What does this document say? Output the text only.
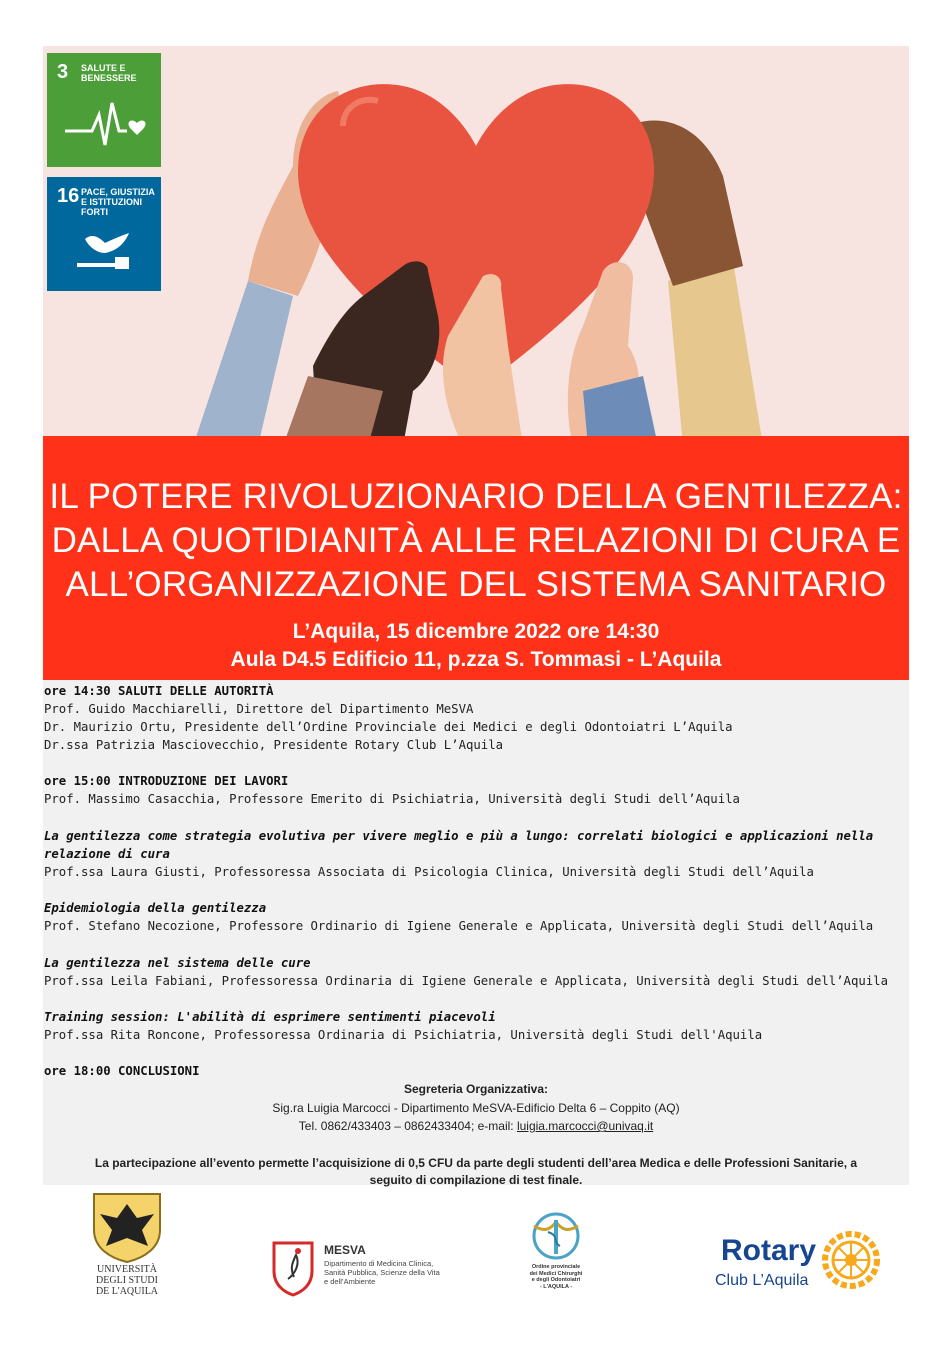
3 SALUTE E BENESSERE
16 PACE, GIUSTIZIA E ISTITUZIONI FORTI
IL POTERE RIVOLUZIONARIO DELLA GENTILEZZA:
DALLA QUOTIDIANITÀ ALLE RELAZIONI DI CURA E
ALL’ORGANIZZAZIONE DEL SISTEMA SANITARIO
L’Aquila, 15 dicembre 2022 ore 14:30
Aula D4.5 Edificio 11, p.zza S. Tommasi - L’Aquila
ore 14:30 SALUTI DELLE AUTORITÀ
Prof. Guido Macchiarelli, Direttore del Dipartimento MeSVA
Dr. Maurizio Ortu, Presidente dell’Ordine Provinciale dei Medici e degli Odontoiatri L’Aquila
Dr.ssa Patrizia Masciovecchio, Presidente Rotary Club L’Aquila
ore 15:00 INTRODUZIONE DEI LAVORI
Prof. Massimo Casacchia, Professore Emerito di Psichiatria, Università degli Studi dell’Aquila
La gentilezza come strategia evolutiva per vivere meglio e più a lungo: correlati biologici e applicazioni nella
relazione di cura
Prof.ssa Laura Giusti, Professoressa Associata di Psicologia Clinica, Università degli Studi dell’Aquila
Epidemiologia della gentilezza
Prof. Stefano Necozione, Professore Ordinario di Igiene Generale e Applicata, Università degli Studi dell’Aquila
La gentilezza nel sistema delle cure
Prof.ssa Leila Fabiani, Professoressa Ordinaria di Igiene Generale e Applicata, Università degli Studi dell’Aquila
Training session: L'abilità di esprimere sentimenti piacevoli
Prof.ssa Rita Roncone, Professoressa Ordinaria di Psichiatria, Università degli Studi dell'Aquila
ore 18:00 CONCLUSIONI
Segreteria Organizzativa:
Sig.ra Luigia Marcocci - Dipartimento MeSVA-Edificio Delta 6 – Coppito (AQ)
Tel. 0862/433403 – 0862433404; e-mail: luigia.marcocci@univaq.it
La partecipazione all’evento permette l’acquisizione di 0,5 CFU da parte degli studenti dell’area Medica e delle Professioni Sanitarie, a
seguito di compilazione di test finale.
UNIVERSITÀ
DEGLI STUDI
DE L'AQUILA
MESVA
Dipartimento di Medicina Clinica,
Sanità Pubblica, Scienze della Vita
e dell’Ambiente
Ordine provinciale
dei Medici Chirurghi
e degli Odontoiatri
- L'AQUILA -
Rotary
Club L’Aquila
